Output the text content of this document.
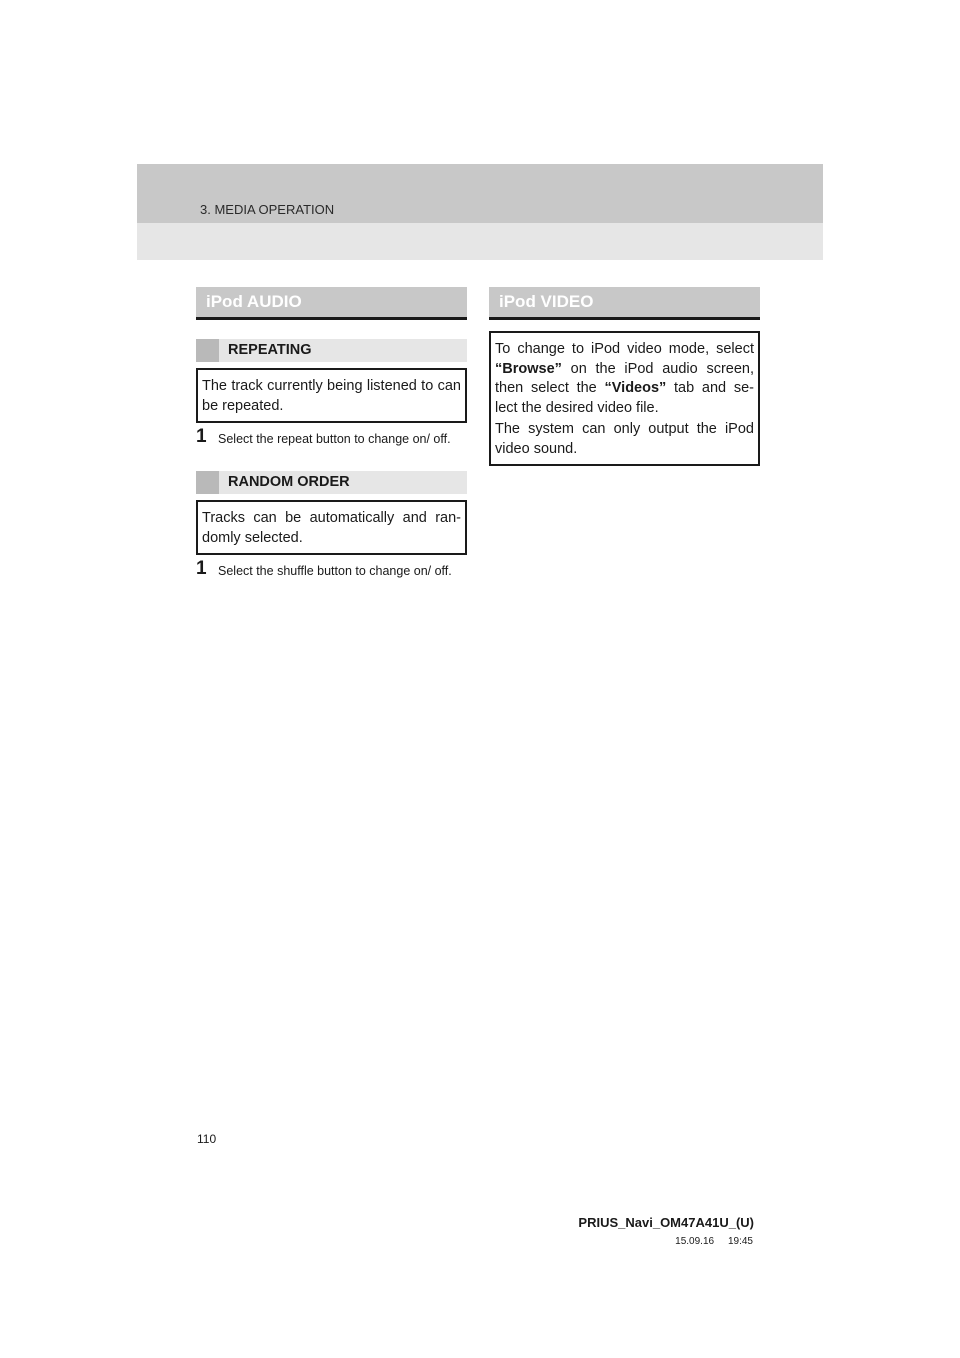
3. MEDIA OPERATION
iPod AUDIO
REPEATING

The track currently being listened to can be repeated.

1 Select the repeat button to change on/ off.
RANDOM ORDER

Tracks can be automatically and ran- domly selected.

1 Select the shuffle button to change on/ off.
iPod VIDEO

To change to iPod video mode, select “Browse” on the iPod audio screen, then select the “Videos” tab and se- lect the desired video file.

The system can only output the iPod video sound.

110
PRIUS_Navi_OM47A41U_(U)
15.09.16     19:45
